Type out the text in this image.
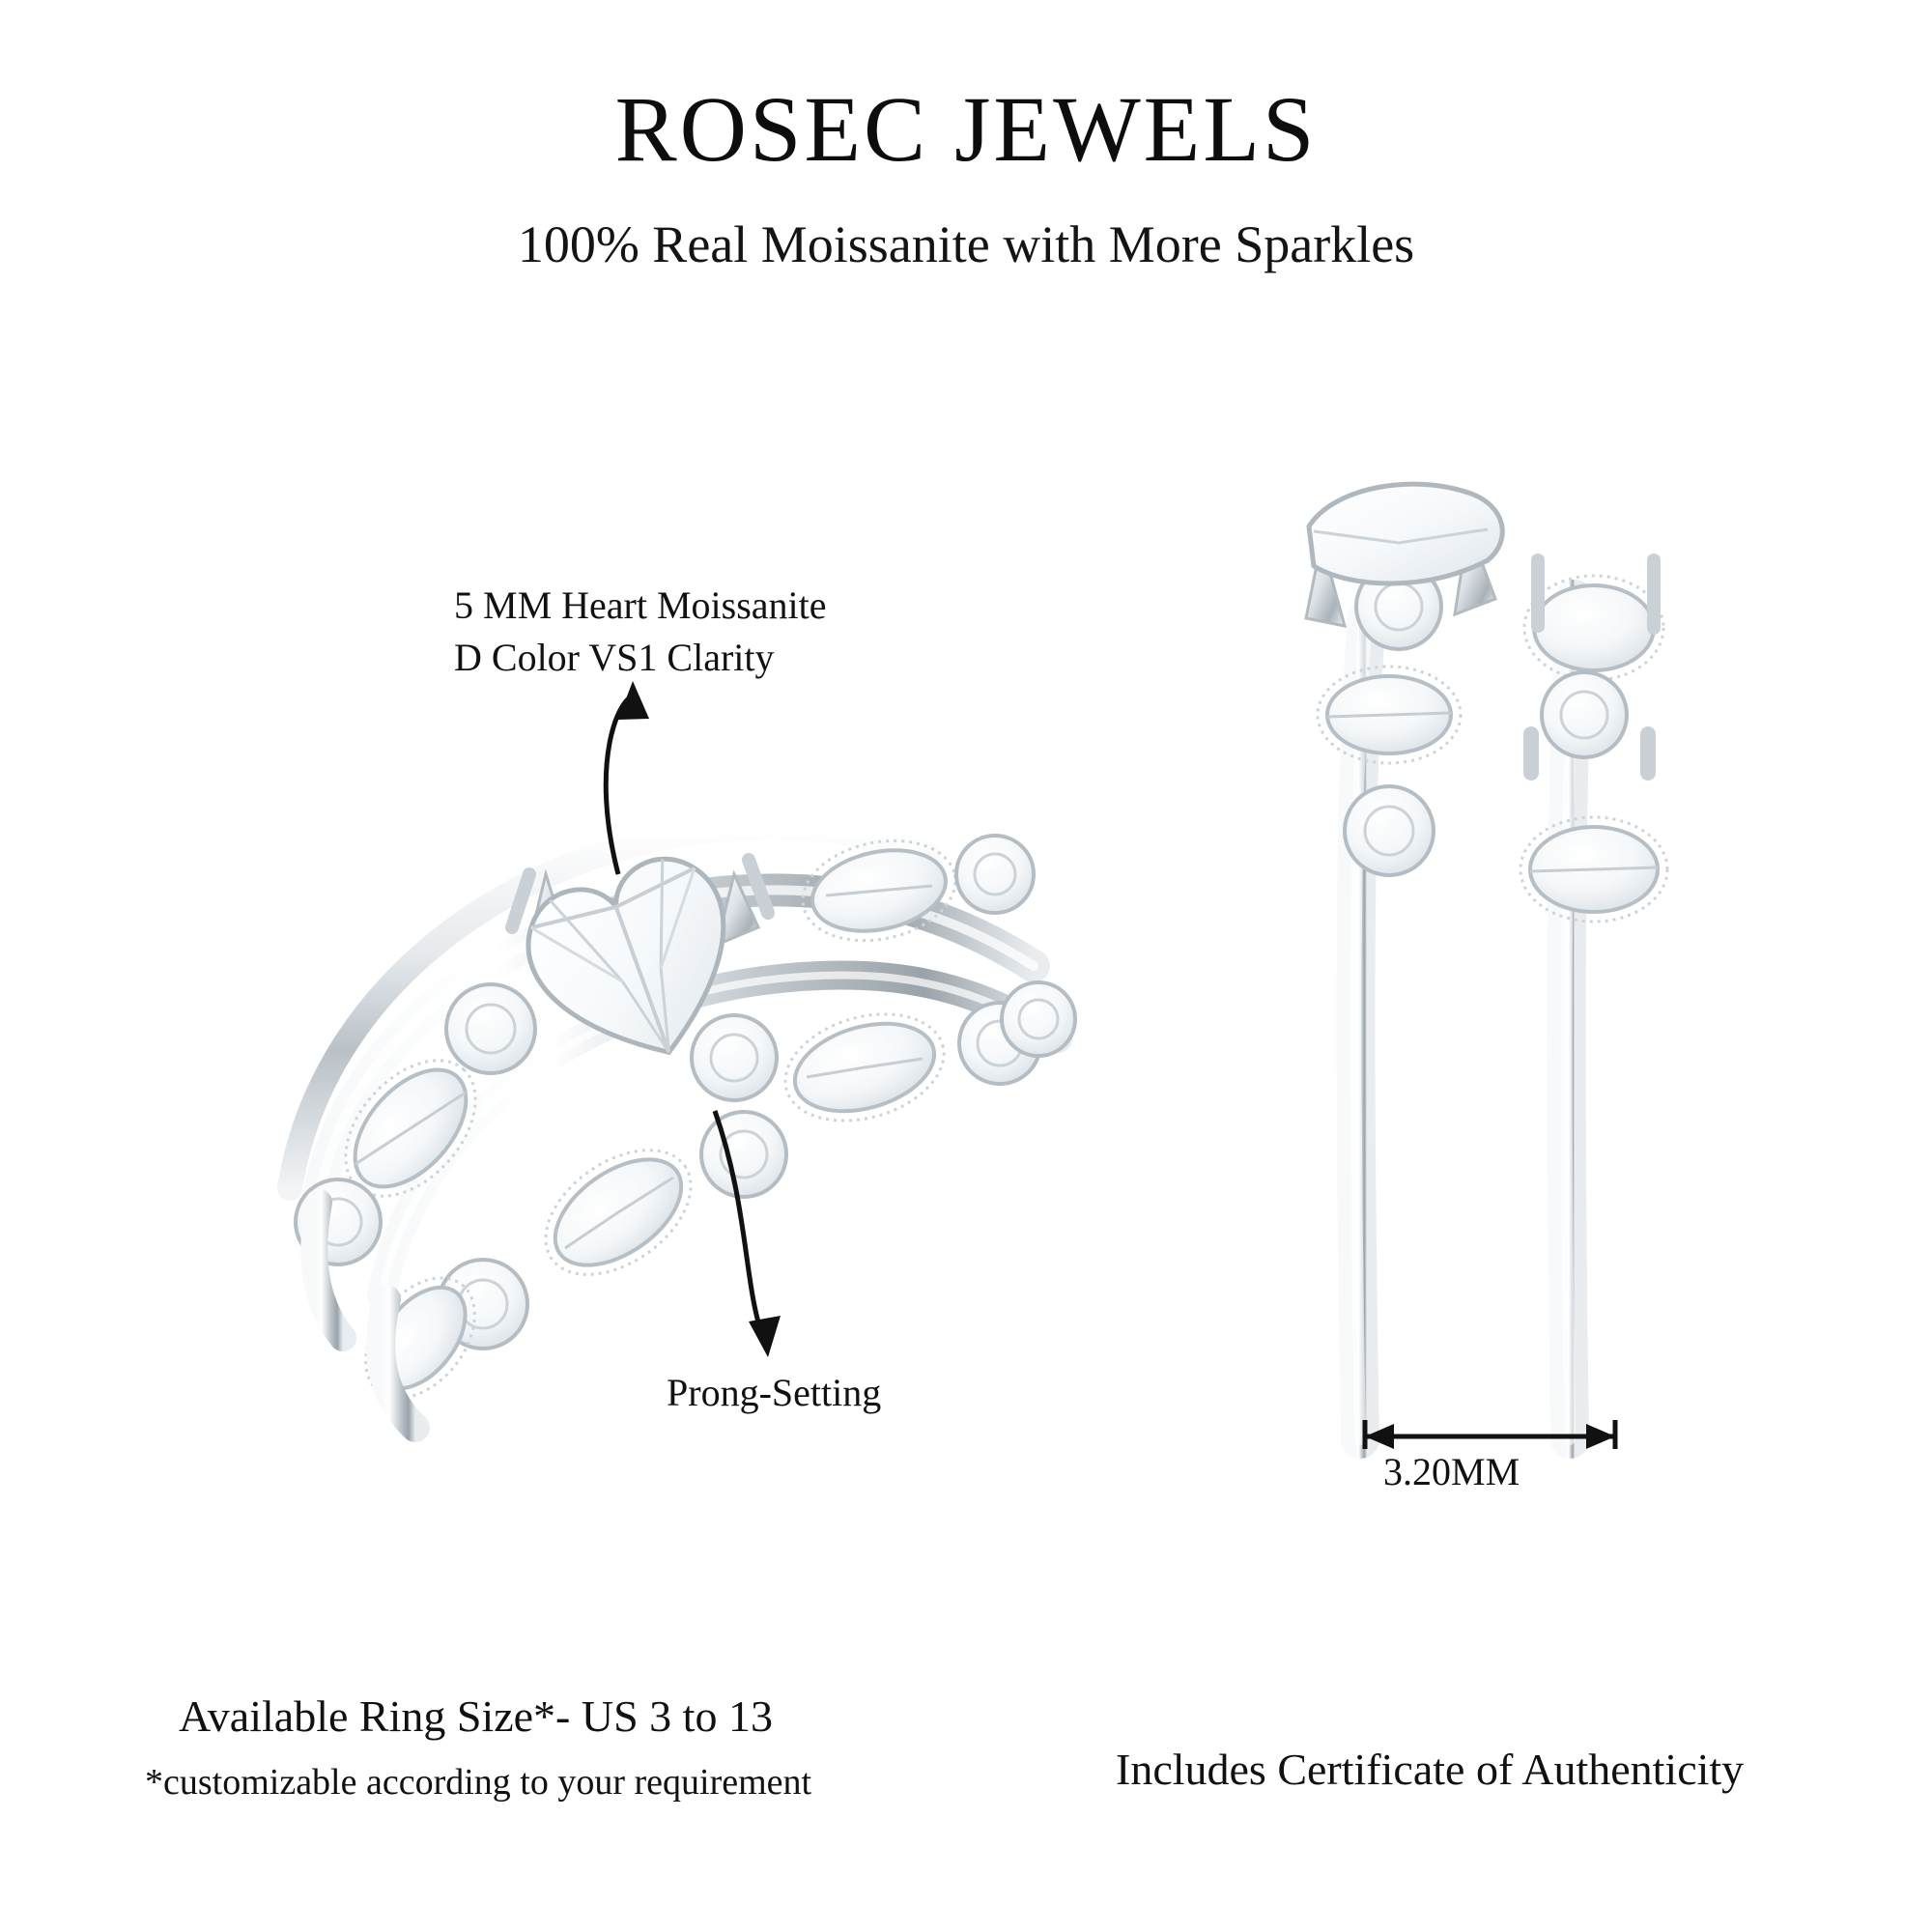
ROSEC JEWELS
100% Real Moissanite with More Sparkles
5 MM Heart Moissanite
D Color VS1 Clarity
Prong-Setting
3.20MM
Available Ring Size*- US 3 to 13
*customizable according to your requirement	Includes Certificate of Authenticity
